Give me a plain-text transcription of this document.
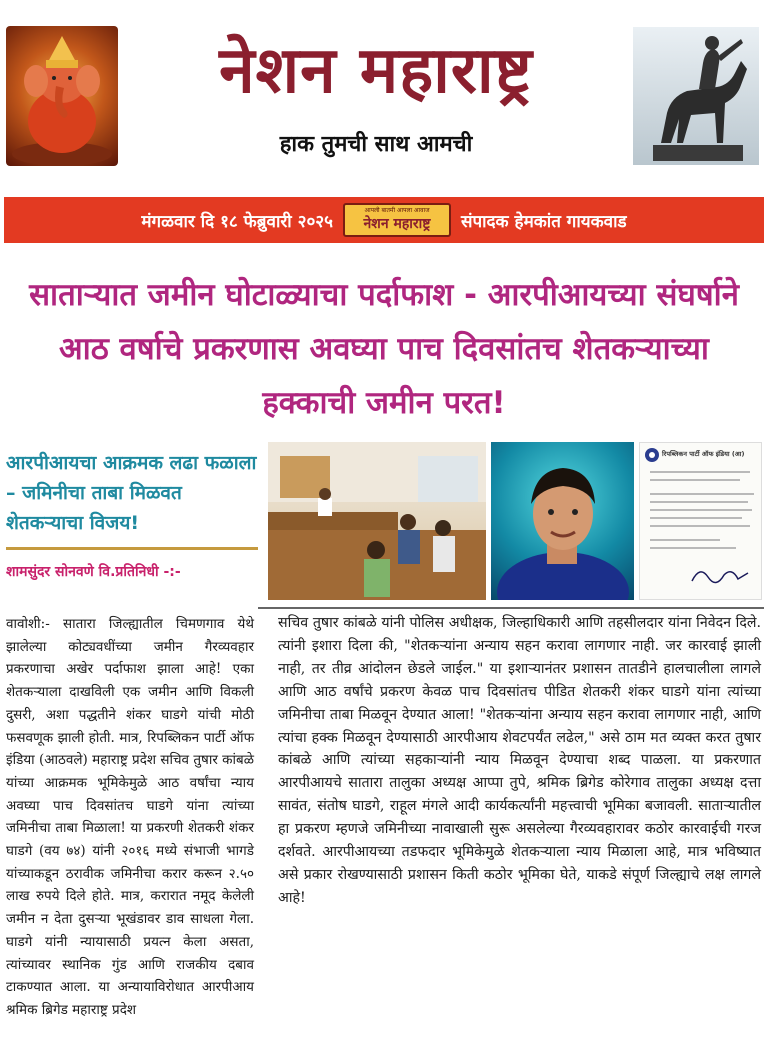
नेशन महाराष्ट्र
हाक तुमची साथ आमची
मंगळवार दि १८ फेब्रुवारी २०२५
आपली बातमी आपला आवाज
नेशन महाराष्ट्र संपादक हेमकांत गायकवाड
साताऱ्यात जमीन घोटाळ्याचा पर्दाफाश - आरपीआयच्या संघर्षाने आठ वर्षाचे प्रकरणास अवघ्या पाच दिवसांतच शेतकऱ्याच्या हक्काची जमीन परत!
आरपीआयचा आक्रमक लढा फळाला – जमिनीचा ताबा मिळवत शेतकऱ्याचा विजय!
शामसुंदर सोनवणे वि.प्रतिनिधी -:-
रिपब्लिकन पार्टी ऑफ इंडिया (आ)
वावोशी:- सातारा जिल्ह्यातील चिमणगाव येथे झालेल्या कोट्यवधींच्या जमीन गैरव्यवहार प्रकरणाचा अखेर पर्दाफाश झाला आहे! एका शेतकऱ्याला दाखविली एक जमीन आणि विकली दुसरी, अशा पद्धतीने शंकर घाडगे यांची मोठी फसवणूक झाली होती. मात्र, रिपब्लिकन पार्टी ऑफ इंडिया (आठवले) महाराष्ट्र प्रदेश सचिव तुषार कांबळे यांच्या आक्रमक भूमिकेमुळे आठ वर्षांचा न्याय अवघ्या पाच दिवसांतच घाडगे यांना त्यांच्या जमिनीचा ताबा मिळाला! या प्रकरणी शेतकरी शंकर घाडगे (वय ७४) यांनी २०१६ मध्ये संभाजी भागडे यांच्याकडून ठरावीक जमिनीचा करार करून २.५० लाख रुपये दिले होते. मात्र, करारात नमूद केलेली जमीन न देता दुसऱ्या भूखंडावर डाव साधला गेला. घाडगे यांनी न्यायासाठी प्रयत्न केला असता, त्यांच्यावर स्थानिक गुंड आणि राजकीय दबाव टाकण्यात आला. या अन्यायाविरोधात आरपीआय श्रमिक ब्रिगेड महाराष्ट्र प्रदेश
सचिव तुषार कांबळे यांनी पोलिस अधीक्षक, जिल्हाधिकारी आणि तहसीलदार यांना निवेदन दिले. त्यांनी इशारा दिला की, "शेतकऱ्यांना अन्याय सहन करावा लागणार नाही. जर कारवाई झाली नाही, तर तीव्र आंदोलन छेडले जाईल." या इशाऱ्यानंतर प्रशासन तातडीने हालचालीला लागले आणि आठ वर्षांचे प्रकरण केवळ पाच दिवसांतच पीडित शेतकरी शंकर घाडगे यांना त्यांच्या जमिनीचा ताबा मिळवून देण्यात आला! "शेतकऱ्यांना अन्याय सहन करावा लागणार नाही, आणि त्यांचा हक्क मिळवून देण्यासाठी आरपीआय शेवटपर्यंत लढेल," असे ठाम मत व्यक्त करत तुषार कांबळे आणि त्यांच्या सहकाऱ्यांनी न्याय मिळवून देण्याचा शब्द पाळला. या प्रकरणात आरपीआयचे सातारा तालुका अध्यक्ष आप्पा तुपे, श्रमिक ब्रिगेड कोरेगाव तालुका अध्यक्ष दत्ता सावंत, संतोष घाडगे, राहूल मंगले आदी कार्यकर्त्यांनी महत्त्वाची भूमिका बजावली. साताऱ्यातील हा प्रकरण म्हणजे जमिनीच्या नावाखाली सुरू असलेल्या गैरव्यवहारावर कठोर कारवाईची गरज दर्शवते. आरपीआयच्या तडफदार भूमिकेमुळे शेतकऱ्याला न्याय मिळाला आहे, मात्र भविष्यात असे प्रकार रोखण्यासाठी प्रशासन किती कठोर भूमिका घेते, याकडे संपूर्ण जिल्ह्याचे लक्ष लागले आहे!
